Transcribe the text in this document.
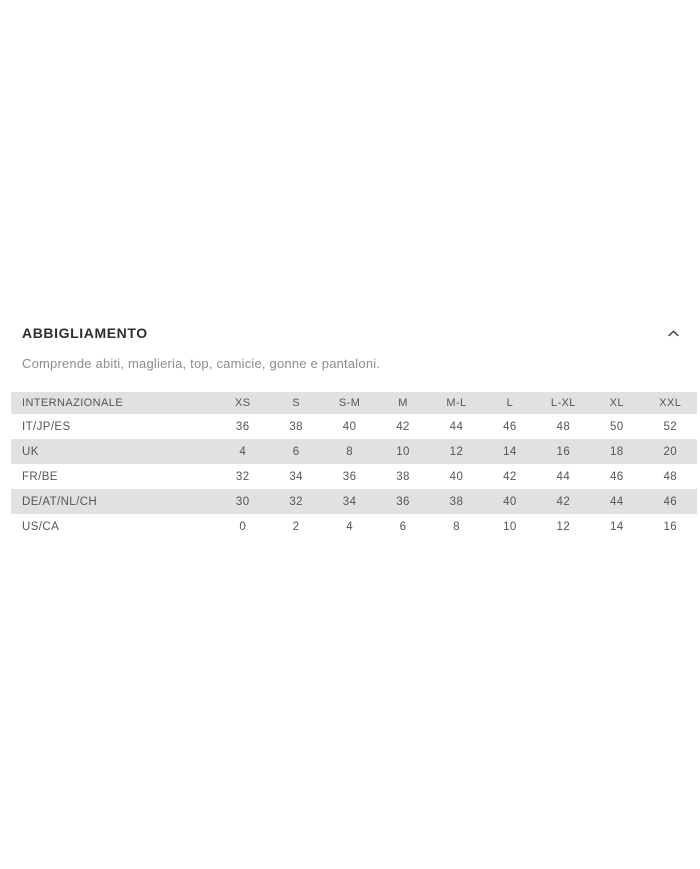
ABBIGLIAMENTO

Comprende abiti, maglieria, top, camicie, gonne e pantaloni.

INTERNAZIONALE	XS	S	S-M	M	M-L	L	L-XL	XL	XXL
IT/JP/ES	36	38	40	42	44	46	48	50	52
UK	4	6	8	10	12	14	16	18	20
FR/BE	32	34	36	38	40	42	44	46	48
DE/AT/NL/CH	30	32	34	36	38	40	42	44	46
US/CA	0	2	4	6	8	10	12	14	16
